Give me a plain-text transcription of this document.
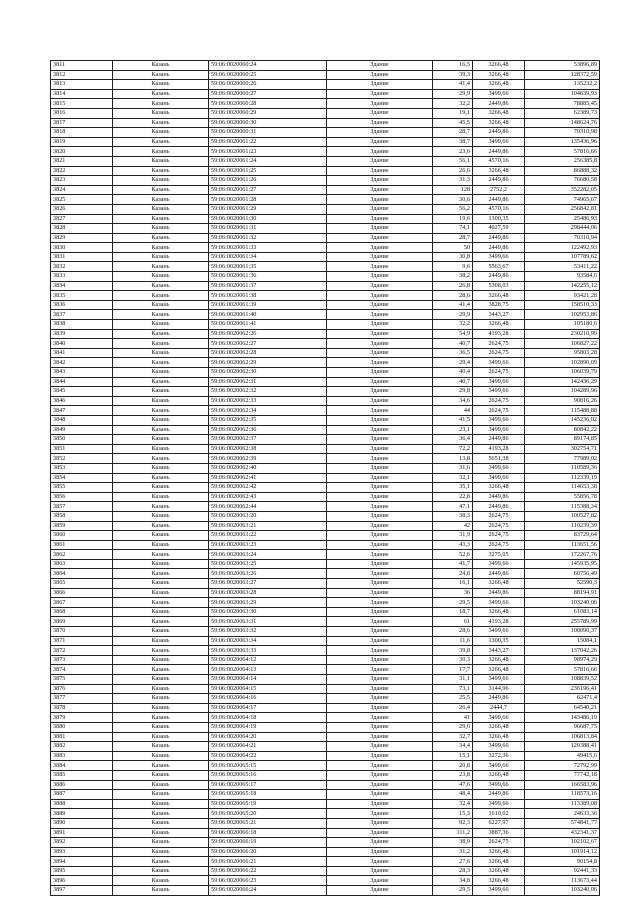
3811	Казань	59:06:0020060:24	Здание	16,5	3266,48	53896,89
3812	Казань	59:06:0020060:25	Здание	39,3	3266,48	128372,59
3813	Казань	59:06:0020060:26	Здание	41,4	3266,48	135232,2
3814	Казань	59:06:0020060:27	Здание	29,9	3499,66	104639,93
3815	Казань	59:06:0020060:28	Здание	32,2	2449,86	78885,45
3816	Казань	59:06:0020060:29	Здание	19,1	3266,48	62389,73
3817	Казань	59:06:0020060:30	Здание	45,5	3266,48	148624,76
3818	Казань	59:06:0020060:31	Здание	28,7	2449,86	70310,98
3819	Казань	59:06:0020061:22	Здание	38,7	3499,66	135436,96
3820	Казань	59:06:0020061:23	Здание	23,6	2449,86	57816,66
3821	Казань	59:06:0020061:24	Здание	56,1	4570,16	256385,8
3822	Казань	59:06:0020061:25	Здание	26,6	3266,48	86888,32
3823	Казань	59:06:0020061:26	Здание	31,3	2449,86	76680,58
3824	Казань	59:06:0020061:27	Здание	128	2752,2	352282,05
3825	Казань	59:06:0020061:28	Здание	30,6	2449,86	74965,67
3826	Казань	59:06:0020061:29	Здание	56,2	4570,16	256842,81
3827	Казань	59:06:0020061:30	Здание	19,6	1300,35	25486,93
3828	Казань	59:06:0020061:31	Здание	74,1	4027,59	298444,06
3829	Казань	59:06:0020061:32	Здание	28,7	2449,86	70310,94
3830	Казань	59:06:0020061:33	Здание	50	2449,86	122492,93
3831	Казань	59:06:0020061:34	Здание	30,8	3499,66	107789,62
3832	Казань	59:06:0020061:35	Здание	9,6	5563,67	53411,22
3833	Казань	59:06:0020061:36	Здание	38,2	2449,86	93584,6
3834	Казань	59:06:0020061:37	Здание	26,8	5308,03	142255,12
3835	Казань	59:06:0020061:38	Здание	28,6	3266,48	93421,28
3836	Казань	59:06:0020061:39	Здание	41,4	3828,75	158510,33
3837	Казань	59:06:0020061:40	Здание	29,9	3443,27	102953,86
3838	Казань	59:06:0020061:41	Здание	32,2	3266,48	105180,6
3839	Казань	59:06:0020062:26	Здание	54,9	4193,28	230210,99
3840	Казань	59:06:0020062:27	Здание	40,7	2624,75	106827,22
3841	Казань	59:06:0020062:28	Здание	36,5	2624,75	95803,28
3842	Казань	59:06:0020062:29	Здание	29,4	3499,66	102890,09
3843	Казань	59:06:0020062:30	Здание	40,4	2624,75	106039,79
3844	Казань	59:06:0020062:31	Здание	40,7	3499,66	142436,29
3845	Казань	59:06:0020062:32	Здание	29,8	3499,66	104289,96
3846	Казань	59:06:0020062:33	Здание	34,6	2624,75	90816,26
3847	Казань	59:06:0020062:34	Здание	44	2624,75	115488,88
3848	Казань	59:06:0020062:35	Здание	41,5	3499,66	145236,02
3849	Казань	59:06:0020062:36	Здание	23,1	3499,66	80842,22
3850	Казань	59:06:0020062:37	Здание	36,4	2449,86	89174,85
3851	Казань	59:06:0020062:38	Здание	72,2	4193,28	302754,71
3852	Казань	59:06:0020062:39	Здание	13,8	5651,38	77989,02
3853	Казань	59:06:0020062:40	Здание	31,6	3499,66	110589,36
3854	Казань	59:06:0020062:41	Здание	32,1	3499,66	112339,19
3855	Казань	59:06:0020062:42	Здание	35,1	3266,48	114653,38
3856	Казань	59:06:0020062:43	Здание	22,8	2449,86	55856,78
3857	Казань	59:06:0020062:44	Здание	47,1	2449,86	115388,34
3858	Казань	59:06:0020063:20	Здание	38,3	2624,75	100527,82
3859	Казань	59:06:0020063:21	Здание	42	2624,75	110239,39
3860	Казань	59:06:0020063:22	Здание	31,9	2624,75	83729,64
3861	Казань	59:06:0020063:23	Здание	43,3	2624,75	113651,56
3862	Казань	59:06:0020063:24	Здание	52,6	3275,05	172267,76
3863	Казань	59:06:0020063:25	Здание	41,7	3499,66	145935,95
3864	Казань	59:06:0020063:26	Здание	24,8	2449,86	60756,49
3865	Казань	59:06:0020063:27	Здание	16,1	3266,48	52590,3
3866	Казань	59:06:0020063:28	Здание	36	2449,86	88194,91
3867	Казань	59:06:0020063:29	Здание	29,5	3499,66	103240,06
3868	Казань	59:06:0020063:30	Здание	18,7	3266,48	61083,14
3869	Казань	59:06:0020063:31	Здание	61	4193,28	255789,99
3870	Казань	59:06:0020063:32	Здание	28,6	3499,66	100090,37
3871	Казань	59:06:0020063:34	Здание	11,6	1300,35	15084,1
3872	Казань	59:06:0020063:33	Здание	39,8	3443,27	137042,26
3873	Казань	59:06:0020064:12	Здание	30,3	3266,48	98974,29
3874	Казань	59:06:0020064:13	Здание	17,7	3266,48	57816,66
3875	Казань	59:06:0020064:14	Здание	31,1	3499,66	108839,52
3876	Казань	59:06:0020064:15	Здание	73,1	3144,96	236196,41
3877	Казань	59:06:0020064:16	Здание	25,5	2449,86	62471,4
3878	Казань	59:06:0020064:17	Здание	26,4	2444,7	64540,21
3879	Казань	59:06:0020064:18	Здание	41	3499,66	143486,19
3880	Казань	59:06:0020064:19	Здание	29,6	3266,48	96687,75
3881	Казань	59:06:0020064:20	Здание	32,7	3266,48	106813,84
3882	Казань	59:06:0020064:21	Здание	34,4	3499,66	120388,41
3883	Казань	59:06:0020064:22	Здание	15,1	3272,36	49415,6
3884	Казань	59:06:0020065:15	Здание	20,8	3499,66	72792,99
3885	Казань	59:06:0020065:16	Здание	23,8	3266,48	77742,18
3886	Казань	59:06:0020065:17	Здание	47,6	3499,66	166583,96
3887	Казань	59:06:0020065:18	Здание	48,4	2449,86	118573,16
3888	Казань	59:06:0020065:19	Здание	32,4	3499,66	113389,08
3889	Казань	59:06:0020065:20	Здание	15,3	1610,02	24633,36
3890	Казань	59:06:0020065:21	Здание	92,3	6227,97	574841,77
3891	Казань	59:06:0020066:18	Здание	111,2	3887,36	432341,37
3892	Казань	59:06:0020066:19	Здание	38,9	2624,75	102102,67
3893	Казань	59:06:0020066:20	Здание	31,2	3266,48	101914,12
3894	Казань	59:06:0020066:21	Здание	27,6	3266,48	90154,8
3895	Казань	59:06:0020066:22	Здание	28,3	3266,48	92441,33
3896	Казань	59:06:0020066:23	Здание	34,8	3266,48	113673,44
3897	Казань	59:06:0020066:24	Здание	29,5	3499,66	103240,06
